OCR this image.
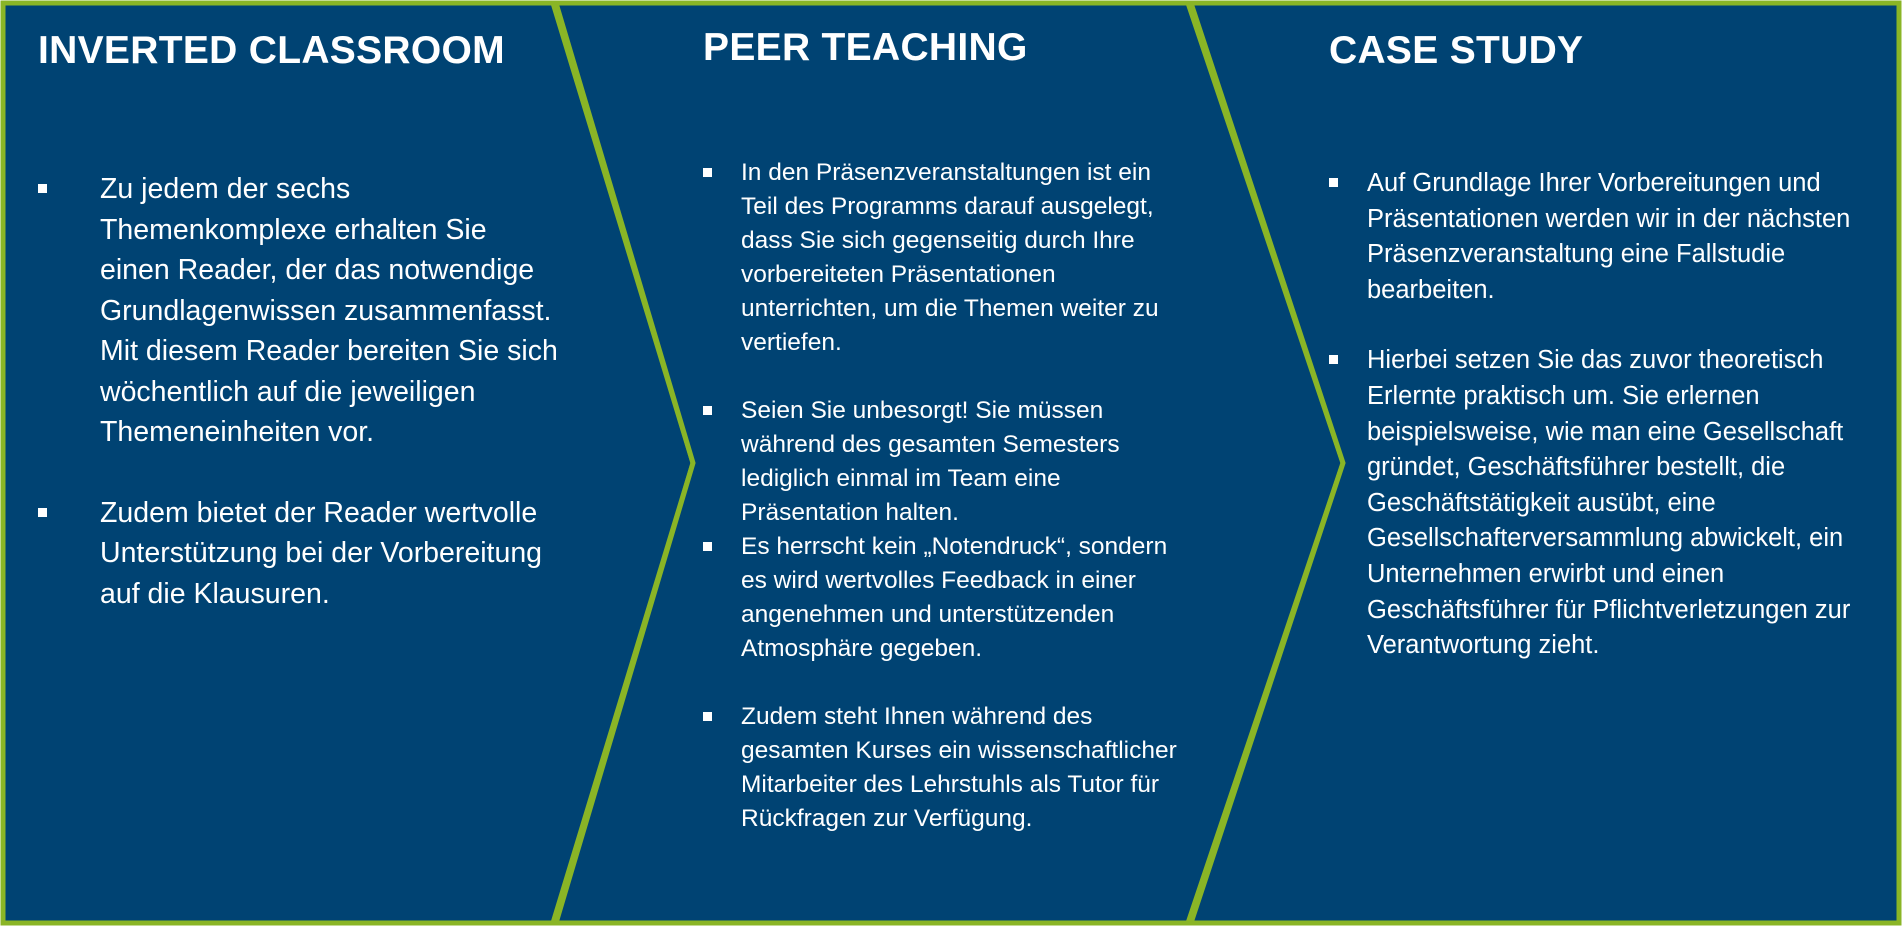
INVERTED CLASSROOM
Zu jedem der sechs Themenkomplexe erhalten Sie einen Reader, der das notwendige Grundlagenwissen zusammenfasst. Mit diesem Reader bereiten Sie sich wöchentlich auf die jeweiligen Themeneinheiten vor.
Zudem bietet der Reader wertvolle Unterstützung bei der Vorbereitung auf die Klausuren.
PEER TEACHING
In den Präsenzveranstaltungen ist ein Teil des Programms darauf ausgelegt, dass Sie sich gegenseitig durch Ihre vorbereiteten Präsentationen unterrichten, um die Themen weiter zu vertiefen.
Seien Sie unbesorgt! Sie müssen während des gesamten Semesters lediglich einmal im Team eine Präsentation halten.
Es herrscht kein „Notendruck“, sondern es wird wertvolles Feedback in einer angenehmen und unterstützenden Atmosphäre gegeben.
Zudem steht Ihnen während des gesamten Kurses ein wissenschaftlicher Mitarbeiter des Lehrstuhls als Tutor für Rückfragen zur Verfügung.
CASE STUDY
Auf Grundlage Ihrer Vorbereitungen und Präsentationen werden wir in der nächsten Präsenzveranstaltung eine Fallstudie bearbeiten.
Hierbei setzen Sie das zuvor theoretisch Erlernte praktisch um. Sie erlernen beispielsweise, wie man eine Gesellschaft gründet, Geschäftsführer bestellt, die Geschäftstätigkeit ausübt, eine Gesellschafterversammlung abwickelt, ein Unternehmen erwirbt und einen Geschäftsführer für Pflichtverletzungen zur Verantwortung zieht.
